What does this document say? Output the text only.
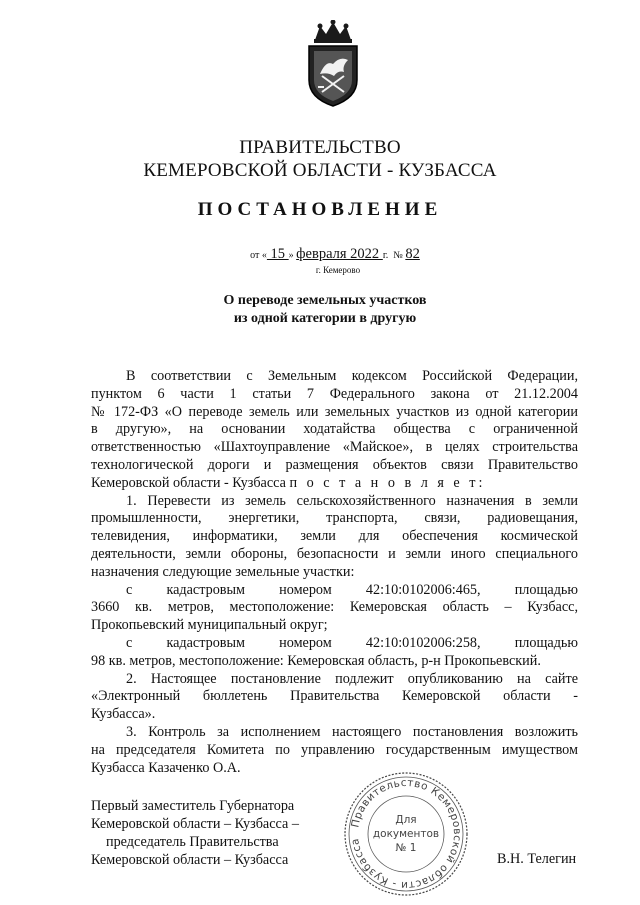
ПРАВИТЕЛЬСТВО
КЕМЕРОВСКОЙ ОБЛАСТИ - КУЗБАССА
ПОСТАНОВЛЕНИЕ
от « 15 » февраля 2022 г.  № 82
г. Кемерово
О переводе земельных участков
из одной категории в другую

В соответствии с Земельным кодексом Российской Федерации,

пунктом 6 части 1 статьи 7 Федерального закона от 21.12.2004

№ 172-ФЗ «О переводе земель или земельных участков из одной категории

в другую», на основании ходатайства общества с ограниченной

ответственностью «Шахтоуправление «Майское», в целях строительства

технологической дороги и размещения объектов связи Правительство

Кемеровской области - Кузбасса п о с т а н о в л я е т:

1. Перевести из земель сельскохозяйственного назначения в земли

промышленности, энергетики, транспорта, связи, радиовещания,

телевидения, информатики, земли для обеспечения космической

деятельности, земли обороны, безопасности и земли иного специального

назначения следующие земельные участки:

с кадастровым номером 42:10:0102006:465, площадью

3660 кв. метров, местоположение: Кемеровская область – Кузбасс,

Прокопьевский муниципальный округ;

с кадастровым номером 42:10:0102006:258, площадью

98 кв. метров, местоположение: Кемеровская область, р-н Прокопьевский.

2. Настоящее постановление подлежит опубликованию на сайте

«Электронный бюллетень Правительства Кемеровской области -

Кузбасса».

3. Контроль за исполнением настоящего постановления возложить

на председателя Комитета по управлению государственным имуществом

Кузбасса Казаченко О.А.

Первый заместитель Губернатора
Кемеровской области – Кузбасса –
председатель Правительства
Кемеровской области – Кузбасса
Правительство Кемеровской области - Кузбасса
Для
документов
№ 1
В.Н. Телегин
